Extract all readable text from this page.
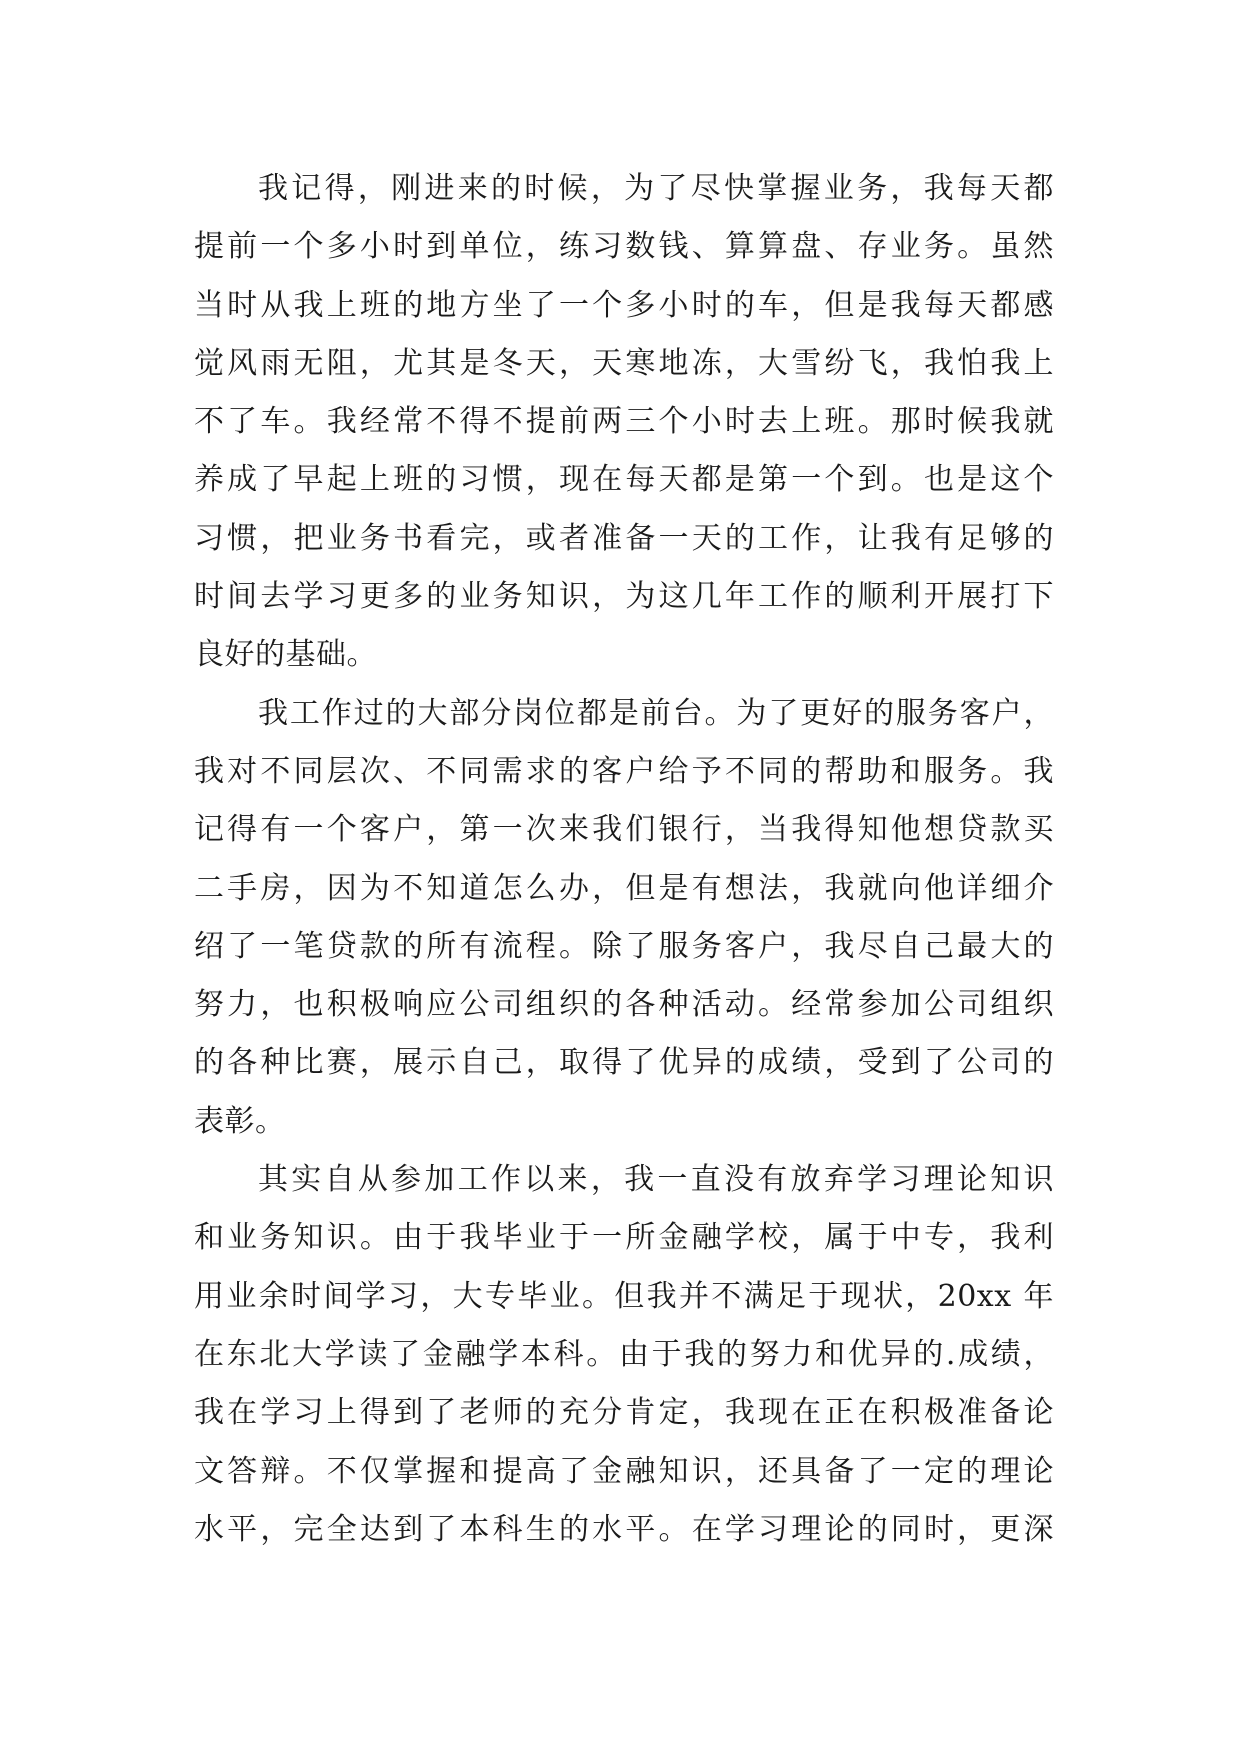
我记得，刚进来的时候，为了尽快掌握业务，我每天都
提前一个多小时到单位，练习数钱、算算盘、存业务。虽然
当时从我上班的地方坐了一个多小时的车，但是我每天都感
觉风雨无阻，尤其是冬天，天寒地冻，大雪纷飞，我怕我上
不了车。我经常不得不提前两三个小时去上班。那时候我就
养成了早起上班的习惯，现在每天都是第一个到。也是这个
习惯，把业务书看完，或者准备一天的工作，让我有足够的
时间去学习更多的业务知识，为这几年工作的顺利开展打下
良好的基础。
我工作过的大部分岗位都是前台。为了更好的服务客户，
我对不同层次、不同需求的客户给予不同的帮助和服务。我
记得有一个客户，第一次来我们银行，当我得知他想贷款买
二手房，因为不知道怎么办，但是有想法，我就向他详细介
绍了一笔贷款的所有流程。除了服务客户，我尽自己最大的
努力，也积极响应公司组织的各种活动。经常参加公司组织
的各种比赛，展示自己，取得了优异的成绩，受到了公司的
表彰。
其实自从参加工作以来，我一直没有放弃学习理论知识
和业务知识。由于我毕业于一所金融学校，属于中专，我利
用业余时间学习，大专毕业。但我并不满足于现状，20xx 年
在东北大学读了金融学本科。由于我的努力和优异的.成绩，
我在学习上得到了老师的充分肯定，我现在正在积极准备论
文答辩。不仅掌握和提高了金融知识，还具备了一定的理论
水平，完全达到了本科生的水平。在学习理论的同时，更深
